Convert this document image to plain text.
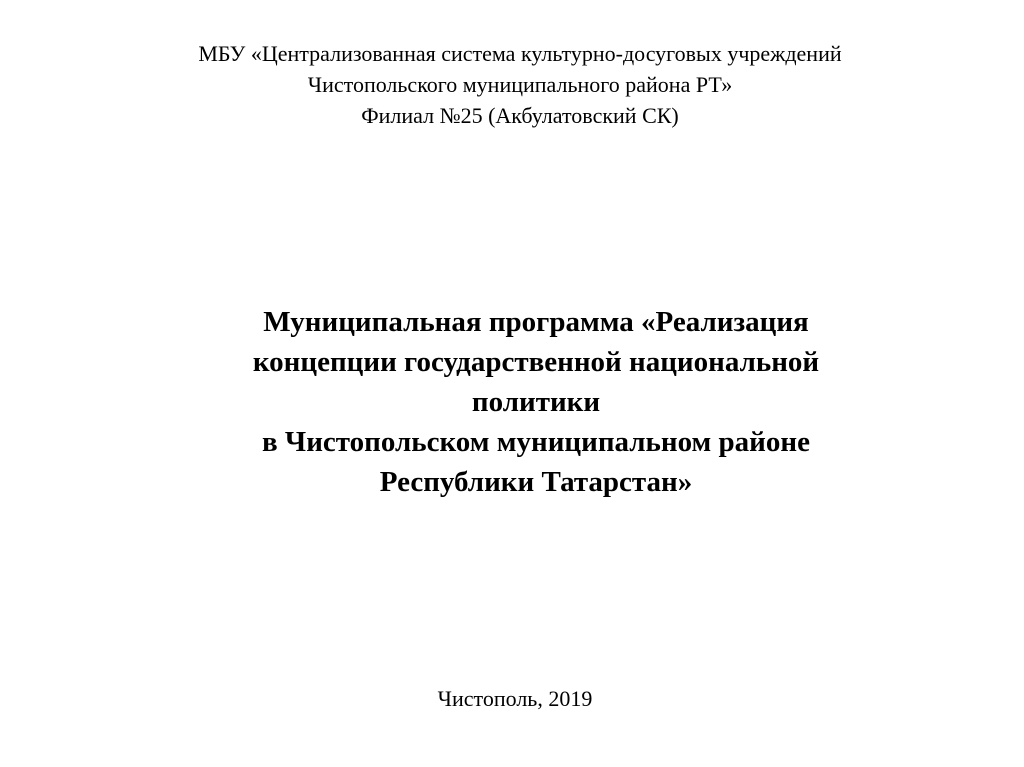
МБУ «Централизованная система культурно-досуговых учреждений
Чистопольского муниципального района РТ»
Филиал №25 (Акбулатовский СК)
Муниципальная программа «Реализация
концепции государственной национальной
политики
в Чистопольском муниципальном районе
Республики Татарстан»
Чистополь, 2019
